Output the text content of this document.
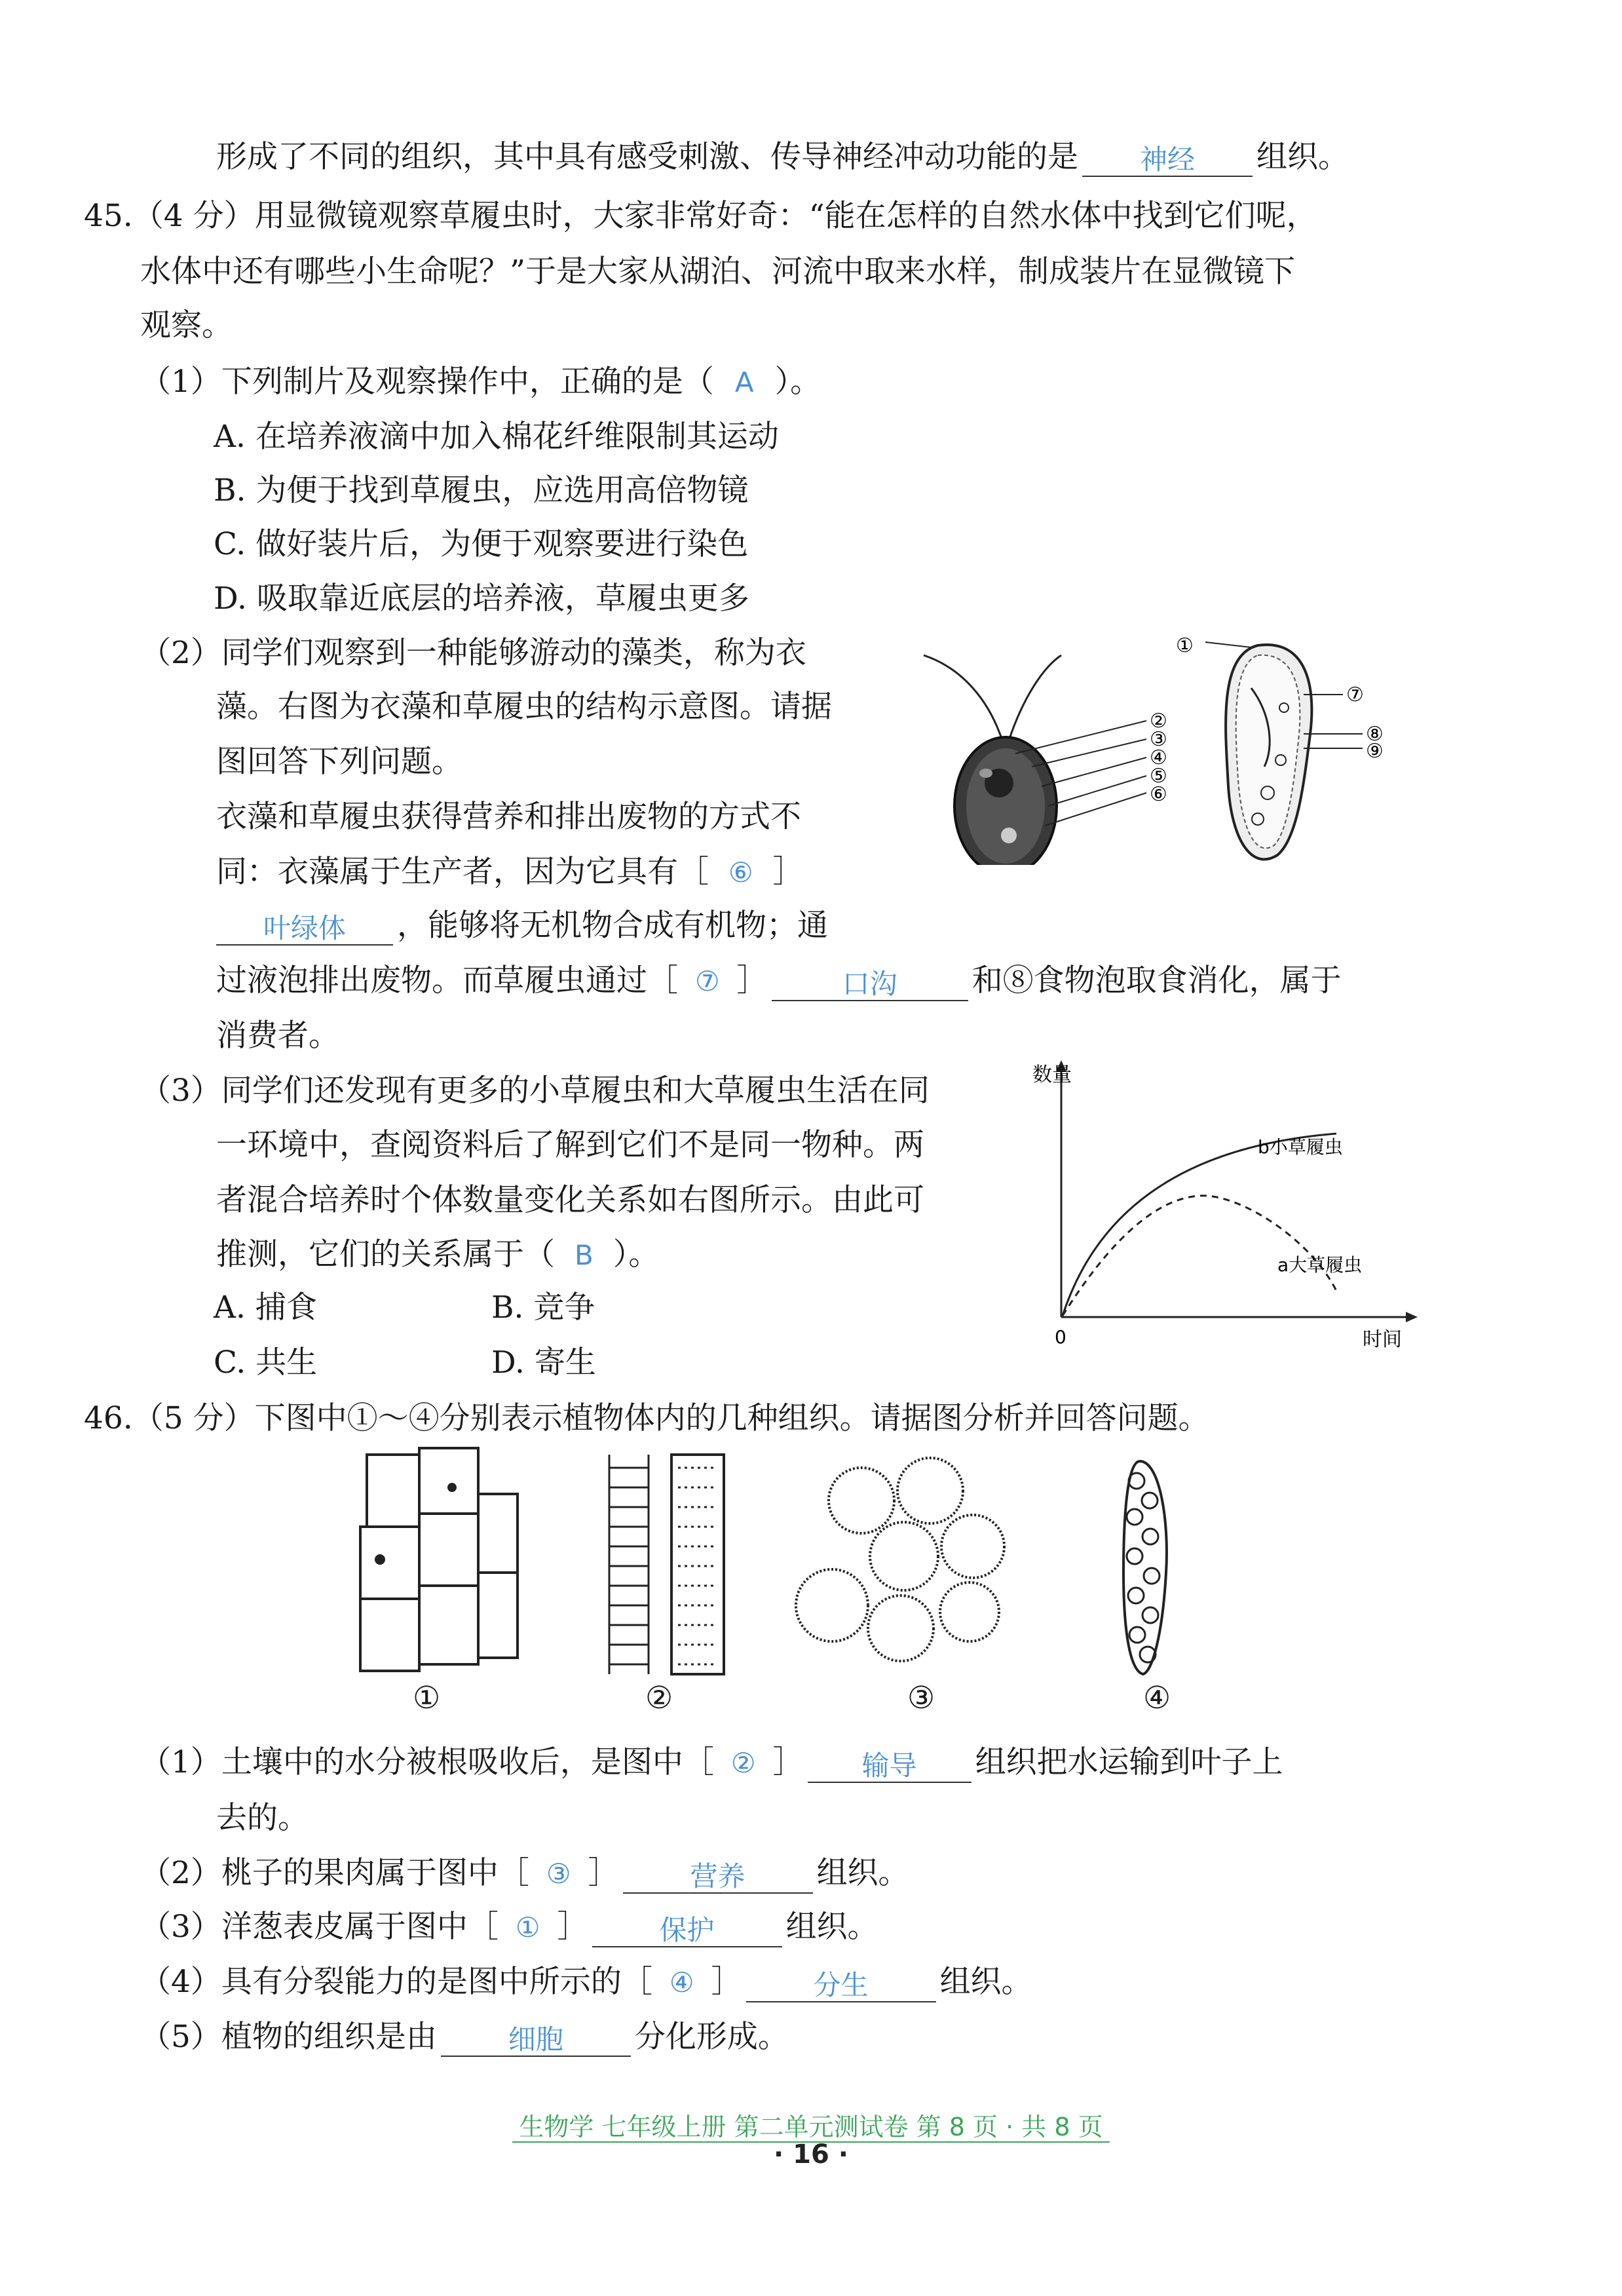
形成了不同的组织，其中具有感受刺激、传导神经冲动功能的是 神经 组织。
45.（4 分）用显微镜观察草履虫时，大家非常好奇：“能在怎样的自然水体中找到它们呢，
水体中还有哪些小生命呢？”于是大家从湖泊、河流中取来水样，制成装片在显微镜下
观察。
（1）下列制片及观察操作中，正确的是（ A ）。
A. 在培养液滴中加入棉花纤维限制其运动
B. 为便于找到草履虫，应选用高倍物镜
C. 做好装片后，为便于观察要进行染色
D. 吸取靠近底层的培养液，草履虫更多
（2）同学们观察到一种能够游动的藻类，称为衣
藻。右图为衣藻和草履虫的结构示意图。请据
图回答下列问题。
衣藻和草履虫获得营养和排出废物的方式不
同：衣藻属于生产者，因为它具有［ ⑥ ］
叶绿体 ，能够将无机物合成有机物；通
过液泡排出废物。而草履虫通过［ ⑦ ］	口沟 和⑧食物泡取食消化，属于
消费者。
①
②
③
④
⑤
⑥
⑦
⑧
⑨
（3）同学们还发现有更多的小草履虫和大草履虫生活在同
一环境中，查阅资料后了解到它们不是同一物种。两
者混合培养时个体数量变化关系如右图所示。由此可
推测，它们的关系属于（ B ）。
A. 捕食	B. 竞争
C. 共生	D. 寄生
数量
时间
0
b小草履虫
a大草履虫
46.（5 分）下图中①～④分别表示植物体内的几种组织。请据图分析并回答问题。
①	②	③	④
（1）土壤中的水分被根吸收后，是图中［ ② ］ 输导 组织把水运输到叶子上
去的。
（2）桃子的果肉属于图中［ ③ ］	营养 组织。
（3）洋葱表皮属于图中［ ① ］	保护 组织。
（4）具有分裂能力的是图中所示的［ ④ ］	分生 组织。
（5）植物的组织是由	细胞 分化形成。
生物学 七年级上册 第二单元测试卷 第 8 页 · 共 8 页
· 16 ·
